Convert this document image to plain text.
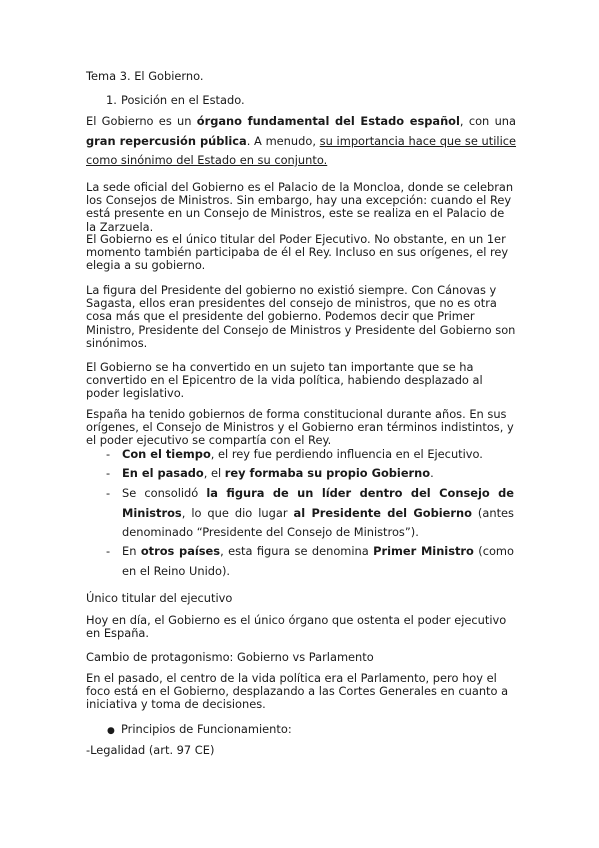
Tema 3. El Gobierno.
1. Posición en el Estado.
El Gobierno es un órgano fundamental del Estado español, con una gran repercusión pública. A menudo, su importancia hace que se utilice como sinónimo del Estado en su conjunto.
La sede oficial del Gobierno es el Palacio de la Moncloa, donde se celebran los Consejos de Ministros. Sin embargo, hay una excepción: cuando el Rey está presente en un Consejo de Ministros, este se realiza en el Palacio de la Zarzuela.
El Gobierno es el único titular del Poder Ejecutivo. No obstante, en un 1er momento también participaba de él el Rey. Incluso en sus orígenes, el rey elegia a su gobierno.
La figura del Presidente del gobierno no existió siempre. Con Cánovas y Sagasta, ellos eran presidentes del consejo de ministros, que no es otra cosa más que el presidente del gobierno. Podemos decir que Primer Ministro, Presidente del Consejo de Ministros y Presidente del Gobierno son sinónimos.
El Gobierno se ha convertido en un sujeto tan importante que se ha convertido en el Epicentro de la vida política, habiendo desplazado al poder legislativo.
España ha tenido gobiernos de forma constitucional durante años. En sus orígenes, el Consejo de Ministros y el Gobierno eran términos indistintos, y el poder ejecutivo se compartía con el Rey.
- Con el tiempo, el rey fue perdiendo influencia en el Ejecutivo.
- En el pasado, el rey formaba su propio Gobierno.
- Se consolidó la figura de un líder dentro del Consejo de Ministros, lo que dio lugar al Presidente del Gobierno (antes denominado “Presidente del Consejo de Ministros”).
- En otros países, esta figura se denomina Primer Ministro (como en el Reino Unido).
Único titular del ejecutivo
Hoy en día, el Gobierno es el único órgano que ostenta el poder ejecutivo en España.
Cambio de protagonismo: Gobierno vs Parlamento
En el pasado, el centro de la vida política era el Parlamento, pero hoy el foco está en el Gobierno, desplazando a las Cortes Generales en cuanto a iniciativa y toma de decisiones.
● Principios de Funcionamiento:
-Legalidad (art. 97 CE)
